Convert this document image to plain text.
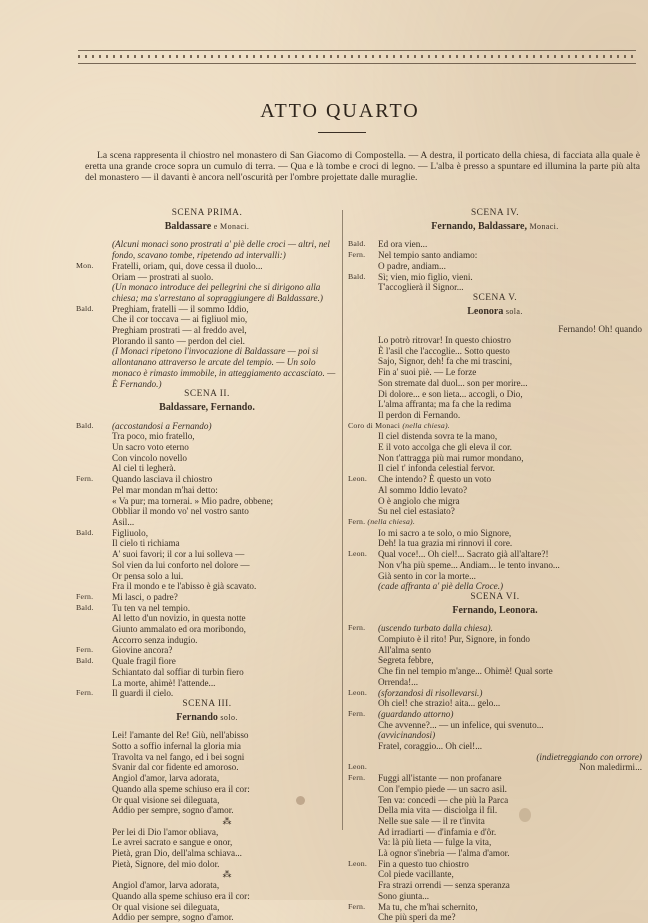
ATTO QUARTO
La scena rappresenta il chiostro nel monastero di San Giacomo di Compostella. — A destra, il porticato della chiesa, di facciata alla quale è eretta una grande croce sopra un cumulo di terra. — Qua e là tombe e croci di legno. — L'alba è presso a spuntare ed illumina la parte più alta del monastero — il davanti è ancora nell'oscurità per l'ombre projettate dalle muraglie.
SCENA PRIMA.
Baldassare e Monaci.
(Alcuni monaci sono prostrati a' piè delle croci — altri, nel fondo, scavano tombe, ripetendo ad intervalli:)
Mon.	Fratelli, oriam, qui, dove cessa il duolo...
Oriam — prostrati al suolo.
(Un monaco introduce dei pellegrini che si dirigono alla chiesa; ma s'arrestano al sopraggiungere di Baldassare.)
Bald.	Preghiam, fratelli — il sommo Iddio,
Che il cor toccava — ai figliuol mio,
Preghiam prostrati — al freddo avel,
Plorando il santo — perdon del ciel.
(I Monaci ripetono l'invocazione di Baldassare — poi si allontanano attraverso le arcate del tempio. — Un solo monaco è rimasto immobile, in atteggiamento accasciato. — È Fernando.)
SCENA II.
Baldassare, Fernando.
Bald.	(accostandosi a Fernando)
Tra poco, mio fratello,
Un sacro voto eterno
Con vincolo novello
Al ciel ti legherà.
Fern.	Quando lasciava il chiostro
Pel mar mondan m'hai detto:
« Va pur; ma tornerai. » Mio padre, obbene;
Obbliar il mondo vo' nel vostro santo
Asil...
Bald.	Figliuolo,
Il cielo ti richiama
A' suoi favori; il cor a lui solleva —
Sol vien da lui conforto nel dolore —
Or pensa solo a lui.
Fra il mondo e te l'abisso è già scavato.
Fern.	Mi lasci, o padre?
Bald.	Tu ten va nel tempio.
Al letto d'un novizio, in questa notte
Giunto ammalato ed ora moribondo,
Accorro senza indugio.
Fern.	Giovine ancora?
Bald.	Quale fragil fiore
Schiantato dal soffiar di turbin fiero
La morte, ahimè! l'attende...
Fern.	Il guardi il cielo.
SCENA III.
Fernando solo.
Lei! l'amante del Re! Giù, nell'abisso
Sotto a soffio infernal la gloria mia
Travolta va nel fango, ed i bei sogni
Svanir dal cor fidente ed amoroso.
Angiol d'amor, larva adorata,
Quando alla speme schiuso era il cor:
Or qual visione sei dileguata,
Addio per sempre, sogno d'amor.
⁂
Per lei di Dio l'amor obliava,
Le avrei sacrato e sangue e onor,
Pietà, gran Dio, dell'alma schiava...
Pietà, Signore, del mio dolor.
⁂
Angiol d'amor, larva adorata,
Quando alla speme schiuso era il cor:
Or qual visione sei dileguata,
Addio per sempre, sogno d'amor.
SCENA IV.
Fernando, Baldassare, Monaci.
Bald.	Ed ora vien...
Fern.	Nel tempio santo andiamo:
O padre, andiam...
Bald.	Sì; vien, mio figlio, vieni.
T'accoglierà il Signor...
SCENA V.
Leonora sola.
Fernando! Oh! quando
Lo potrò ritrovar! In questo chiostro
È l'asil che l'accoglie... Sotto questo
Sajo, Signor, deh! fa che mi trascini,
Fin a' suoi piè. — Le forze
Son stremate dal duol... son per morire...
Di dolore... e son lieta... accogli, o Dio,
L'alma affranta; ma fa che la redima
Il perdon di Fernando.
Coro di Monaci (nella chiesa).

Il ciel distenda sovra te la mano,
E il voto accolga che gli eleva il cor.
Non t'attragga più mai rumor mondano,
Il ciel t' infonda celestial fervor.
Leon.	Che intendo? È questo un voto
Al sommo Iddio levato?
O è angiolo che migra
Su nel ciel estasiato?
Fern. (nella chiesa).

Io mi sacro a te solo, o mio Signore,
Deh! la tua grazia mi rinnovi il core.
Leon.	Qual voce!... Oh ciel!... Sacrato già all'altare?!
Non v'ha più speme... Andiam... le tento invano...
Già sento in cor la morte...
(cade affranta a' piè della Croce.)
SCENA VI.
Fernando, Leonora.
Fern.	(uscendo turbato dalla chiesa).
Compiuto è il rito! Pur, Signore, in fondo
All'alma sento
Segreta febbre,
Che fin nel tempio m'ange... Ohimè! Qual sorte
Orrenda!...
Leon.	(sforzandosi di risollevarsi.)
Oh ciel! che strazio! aita... gelo...
Fern.	(guardando attorno)
Che avvenne?... — un infelice, qui svenuto...
(avvicinandosi)
Fratel, coraggio... Oh ciel!...
(indietreggiando con orrore)
Leon.	Non maledirmi...
Fern.	Fuggi all'istante — non profanare
Con l'empio piede — un sacro asil.
Ten va: concedi — che più la Parca
Della mia vita — disciolga il fil.
Nelle sue sale — il re t'invita
Ad irradiarti — d'infamia e d'ôr.
Va: là più lieta — fulge la vita,
Là ognor s'inebria — l'alma d'amor.
Leon.	Fin a questo tuo chiostro
Col piede vacillante,
Fra strazi orrendi — senza speranza
Sono giunta...
Fern.	Ma tu, che m'hai schernito,
Che più speri da me?
